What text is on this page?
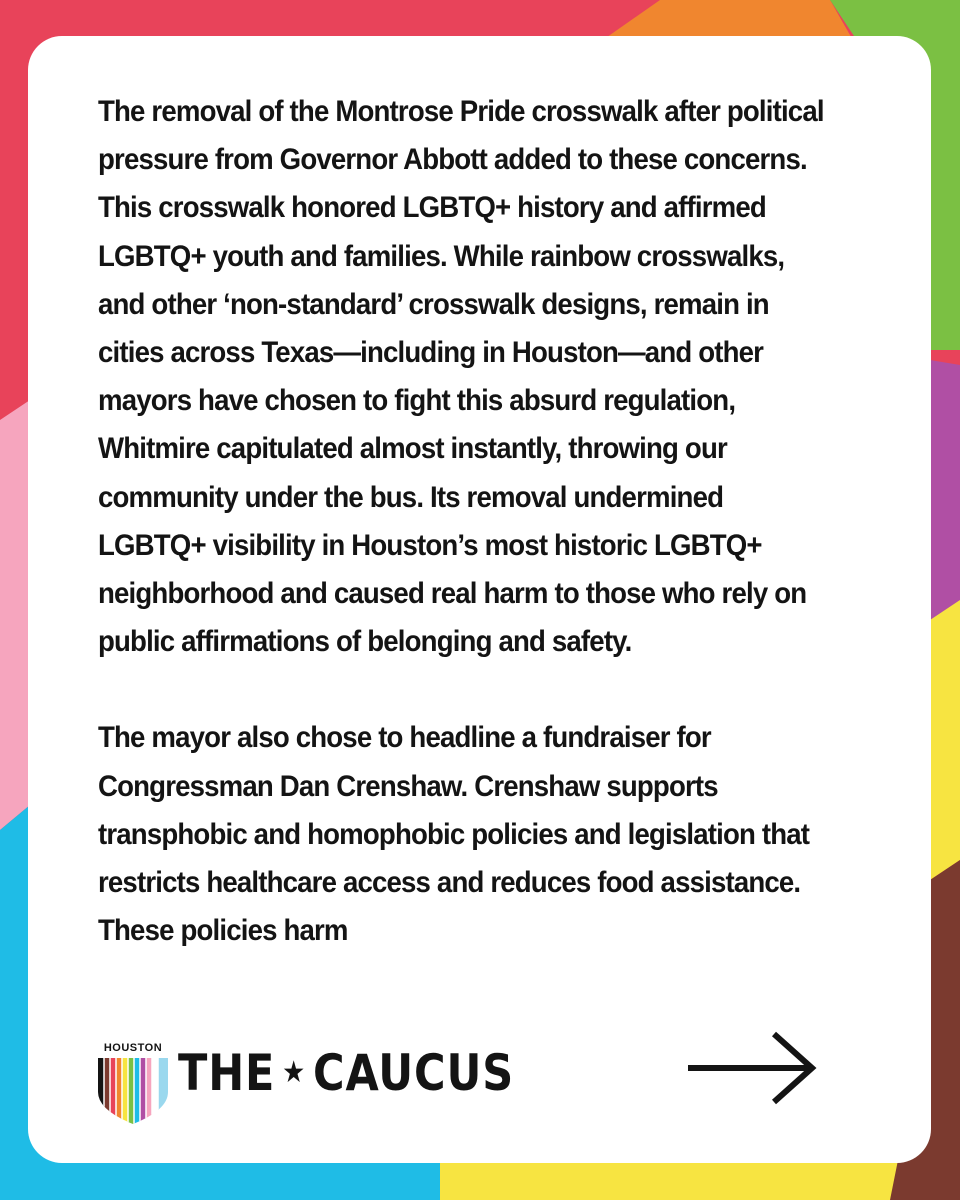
The removal of the Montrose Pride crosswalk after political pressure from Governor Abbott added to these concerns. This crosswalk honored LGBTQ+ history and affirmed LGBTQ+ youth and families. While rainbow crosswalks, and other ‘non-standard’ crosswalk designs, remain in cities across Texas—including in Houston—and other mayors have chosen to fight this absurd regulation, Whitmire capitulated almost instantly, throwing our community under the bus. Its removal undermined LGBTQ+ visibility in Houston’s most historic LGBTQ+ neighborhood and caused real harm to those who rely on public affirmations of belonging and safety.

The mayor also chose to headline a fundraiser for Congressman Dan Crenshaw. Crenshaw supports transphobic and homophobic policies and legislation that restricts healthcare access and reduces food assistance. These policies harm

HOUSTON THE ★ CAUCUS
